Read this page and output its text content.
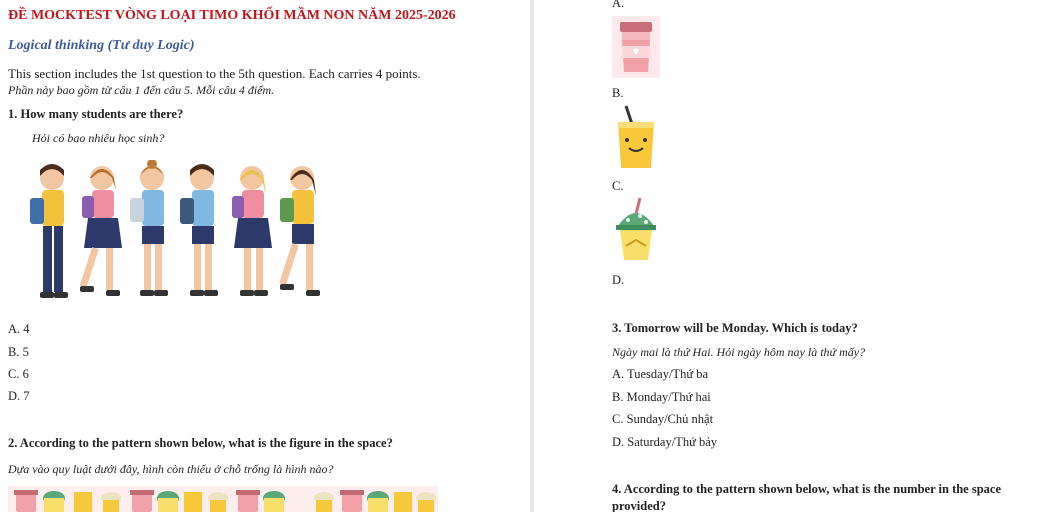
ĐỀ MOCKTEST VÒNG LOẠI TIMO KHỐI MẦM NON NĂM 2025-2026
Logical thinking (Tư duy Logic)
This section includes the 1st question to the 5th question. Each carries 4 points.
Phần này bao gồm từ câu 1 đến câu 5. Mỗi câu 4 điểm.
1. How many students are there?
Hỏi có bao nhiêu học sinh?
A. 4
B. 5
C. 6
D. 7
2. According to the pattern shown below, what is the figure in the space?
Dựa vào quy luật dưới đây, hình còn thiếu ở chỗ trống là hình nào?
A.
B.
C.
D.
3. Tomorrow will be Monday. Which is today?
Ngày mai là thứ Hai. Hỏi ngày hôm nay là thứ mấy?
A. Tuesday/Thứ ba
B. Monday/Thứ hai
C. Sunday/Chủ nhật
D. Saturday/Thứ bảy
4. According to the pattern shown below, what is the number in the space
provided?
